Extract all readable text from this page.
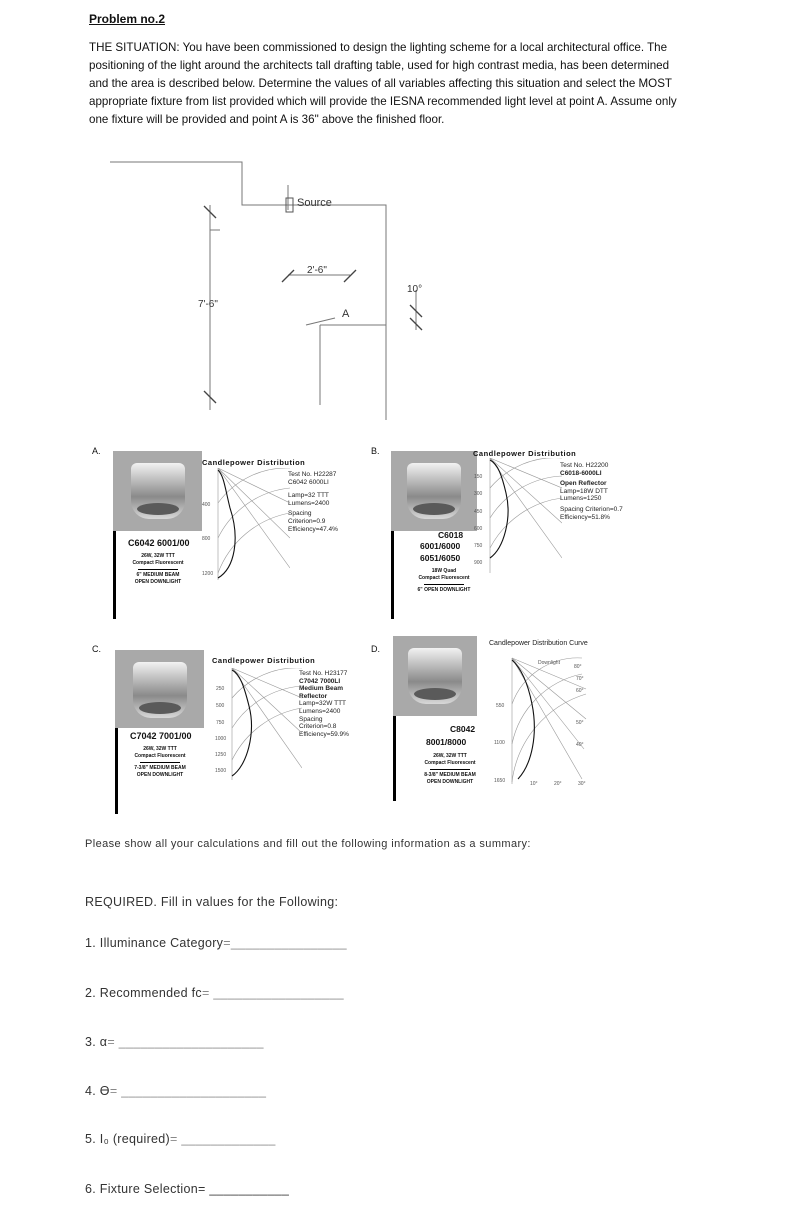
Problem no.2
THE SITUATION: You have been commissioned to design the lighting scheme for a local architectural office. The positioning of the light around the architects tall drafting table, used for high contrast media, has been determined and the area is described below. Determine the values of all variables affecting this situation and select the MOST appropriate fixture from list provided which will provide the IESNA recommended light level at point A. Assume only one fixture will be provided and point A is 36" above the finished floor.
Source
2'-6"
7'-6"
10°
A
A.
C6042 6001/00
26W, 32W TTT
Compact Fluorescent
6" MEDIUM BEAM
OPEN DOWNLIGHT
Candlepower Distribution
Test No. H22287
C6042 6000LI
Lamp=32 TTT
Lumens=2400
Spacing
Criterion=0.9
Efficiency=47.4%
400
800
1200
B.
C6018
6001/6000
6051/6050
18W Quad
Compact Fluorescent
6" OPEN DOWNLIGHT
Candlepower Distribution
Test No. H22200
C6018-6000LI
Open Reflector
Lamp=18W DTT
Lumens=1250
Spacing Criterion=0.7
Efficiency=51.8%
150
300
450
600
750
900
C.
C7042 7001/00
26W, 32W TTT
Compact Fluorescent
7-3/8" MEDIUM BEAM
OPEN DOWNLIGHT
Candlepower Distribution
Test No. H23177
C7042 7000LI
Medium Beam
Reflector
Lamp=32W TTT
Lumens=2400
Spacing
Criterion=0.8
Efficiency=59.9%
250
500
750
1000
1250
1500
D.
C8042
8001/8000
26W, 32W TTT
Compact Fluorescent
8-3/8" MEDIUM BEAM
OPEN DOWNLIGHT
Candlepower Distribution Curve
Downlight
550
1100
1650
80°
70°
60°
50°
40°
30°
20°
10°
Please show all your calculations and fill out the following information as a summary:
REQUIRED. Fill in values for the Following:
1. Illuminance Category=________________
2. Recommended fc= __________________
3. α= ____________________
4. Ө= ____________________
5. I₀ (required)= _____________
6. Fixture Selection= ___________
